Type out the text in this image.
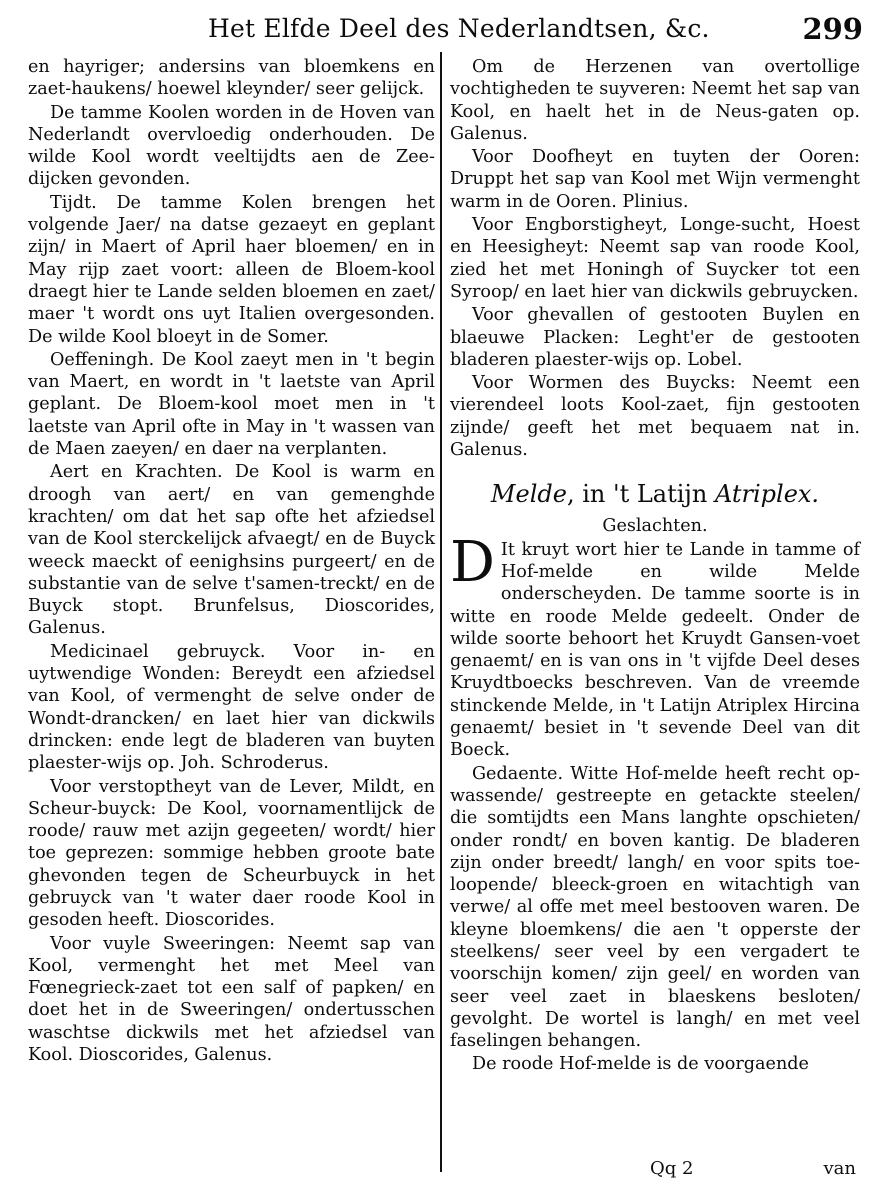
Het Elfde Deel des Nederlandtsen, &c.	299

en hayriger; andersins van bloemkens en zaet-haukens/ hoewel kleynder/ seer gelijck.

De tamme Koolen worden in de Hoven van Nederlandt overvloedig onderhouden. De wilde Kool wordt veeltijdts aen de Zee-dijcken gevonden.

Tijdt. De tamme Kolen brengen het volgende Jaer/ na datse gezaeyt en geplant zijn/ in Maert of April haer bloemen/ en in May rijp zaet voort: alleen de Bloem-kool draegt hier te Lande selden bloemen en zaet/ maer 't wordt ons uyt Italien overgesonden. De wilde Kool bloeyt in de Somer.

Oeffeningh. De Kool zaeyt men in 't begin van Maert, en wordt in 't laetste van April geplant. De Bloem-kool moet men in 't laetste van April ofte in May in 't wassen van de Maen zaeyen/ en daer na verplanten.

Aert en Krachten. De Kool is warm en droogh van aert/ en van gemenghde krachten/ om dat het sap ofte het afziedsel van de Kool sterckelijck afvaegt/ en de Buyck weeck maeckt of eenighsins purgeert/ en de substantie van de selve t'samen-treckt/ en de Buyck stopt. Brunfelsus, Dioscorides, Galenus.

Medicinael gebruyck. Voor in- en uytwendige Wonden: Bereydt een afziedsel van Kool, of vermenght de selve onder de Wondt-drancken/ en laet hier van dickwils drincken: ende legt de bladeren van buyten plaester-wijs op. Joh. Schroderus.

Voor verstoptheyt van de Lever, Mildt, en Scheur-buyck: De Kool, voornamentlijck de roode/ rauw met azijn gegeeten/ wordt/ hier toe geprezen: sommige hebben groote bate ghevonden tegen de Scheurbuyck in het gebruyck van 't water daer roode Kool in gesoden heeft. Dioscorides.

Voor vuyle Sweeringen: Neemt sap van Kool, vermenght het met Meel van Fœnegrieck-zaet tot een salf of papken/ en doet het in de Sweeringen/ ondertusschen waschtse dickwils met het afziedsel van Kool. Dioscorides, Galenus.

Om de Herzenen van overtollige vochtigheden te suyveren: Neemt het sap van Kool, en haelt het in de Neus-gaten op. Galenus.

Voor Doofheyt en tuyten der Ooren: Druppt het sap van Kool met Wijn vermenght warm in de Ooren. Plinius.

Voor Engborstigheyt, Longe-sucht, Hoest en Heesigheyt: Neemt sap van roode Kool, zied het met Honingh of Suycker tot een Syroop/ en laet hier van dickwils gebruycken.

Voor ghevallen of gestooten Buylen en blaeuwe Placken: Leght'er de gestooten bladeren plaester-wijs op. Lobel.

Voor Wormen des Buycks: Neemt een vierendeel loots Kool-zaet, fijn gestooten zijnde/ geeft het met bequaem nat in. Galenus.

Melde, in 't Latijn Atriplex.

Geslachten.

D It kruyt wort hier te Lande in tamme of Hof-melde en wilde Melde onderscheyden. De tamme soorte is in witte en roode Melde gedeelt. Onder de wilde soorte behoort het Kruydt Gansen-voet genaemt/ en is van ons in 't vijfde Deel deses Kruydtboecks beschreven. Van de vreemde stinckende Melde, in 't Latijn Atriplex Hircina genaemt/ besiet in 't sevende Deel van dit Boeck.

Gedaente. Witte Hof-melde heeft recht op-wassende/ gestreepte en getackte steelen/ die somtijdts een Mans langhte opschieten/ onder rondt/ en boven kantig. De bladeren zijn onder breedt/ langh/ en voor spits toe-loopende/ bleeck-groen en witachtigh van verwe/ al offe met meel bestooven waren. De kleyne bloemkens/ die aen 't opperste der steelkens/ seer veel by een vergadert te voorschijn komen/ zijn geel/ en worden van seer veel zaet in blaeskens besloten/ gevolght. De wortel is langh/ en met veel faselingen behangen.

De roode Hof-melde is de voorgaende

Qq 2	van
